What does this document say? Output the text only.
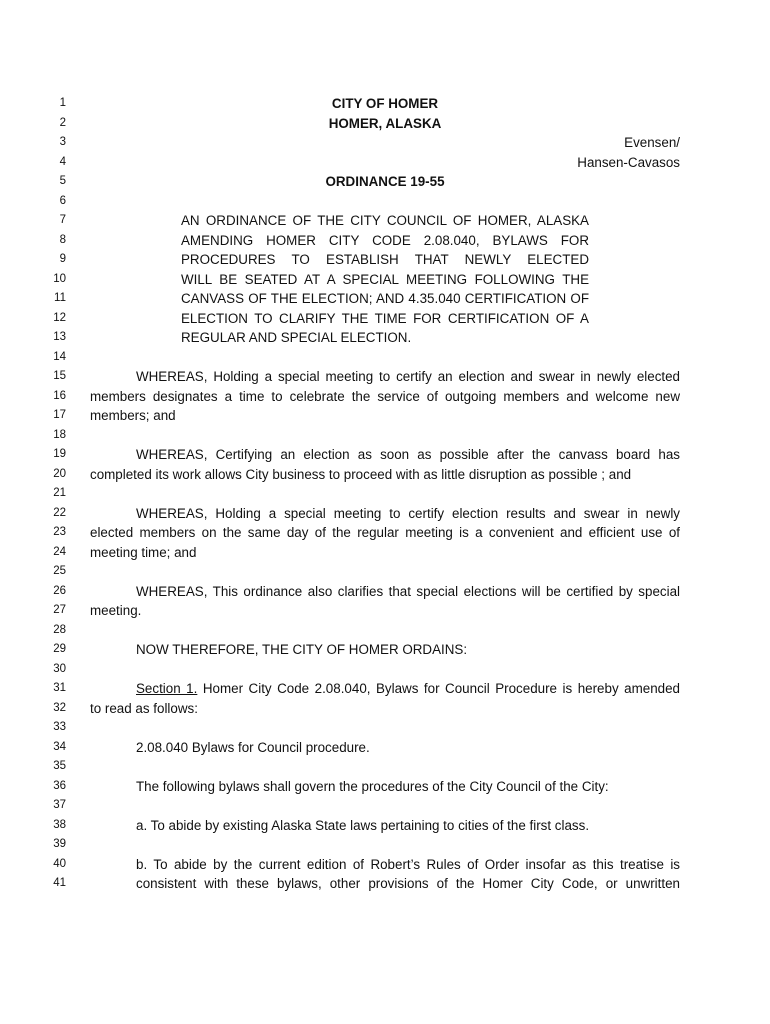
1
2
3
4
5
6
7
8
9
10
11
12
13
14
15
16
17
18
19
20
21
22
23
24
25
26
27
28
29
30
31
32
33
34
35
36
37
38
39
40
41
CITY OF HOMER
HOMER, ALASKA
Evensen/
Hansen-Cavasos
ORDINANCE 19-55
AN ORDINANCE OF THE CITY COUNCIL OF HOMER, ALASKA
AMENDING HOMER CITY CODE 2.08.040, BYLAWS FOR
PROCEDURES TO ESTABLISH THAT NEWLY ELECTED
WILL BE SEATED AT A SPECIAL MEETING FOLLOWING THE
CANVASS OF THE ELECTION; AND 4.35.040 CERTIFICATION OF
ELECTION TO CLARIFY THE TIME FOR CERTIFICATION OF A
REGULAR AND SPECIAL ELECTION.
WHEREAS, Holding a special meeting to certify an election and swear in newly elected
members designates a time to celebrate the service of outgoing members and welcome new
members; and
WHEREAS, Certifying an election as soon as possible after the canvass board has
completed its work allows City business to proceed with as little disruption as possible ; and
WHEREAS, Holding a special meeting to certify election results and swear in newly
elected members on the same day of the regular meeting is a convenient and efficient use of
meeting time; and
WHEREAS, This ordinance also clarifies that special elections will be certified by special
meeting.
NOW THEREFORE, THE CITY OF HOMER ORDAINS:
Section 1. Homer City Code 2.08.040, Bylaws for Council Procedure is hereby amended
to read as follows:
2.08.040 Bylaws for Council procedure.
The following bylaws shall govern the procedures of the City Council of the City:
a. To abide by existing Alaska State laws pertaining to cities of the first class.
b. To abide by the current edition of Robert’s Rules of Order insofar as this treatise is
consistent with these bylaws, other provisions of the Homer City Code, or unwritten
